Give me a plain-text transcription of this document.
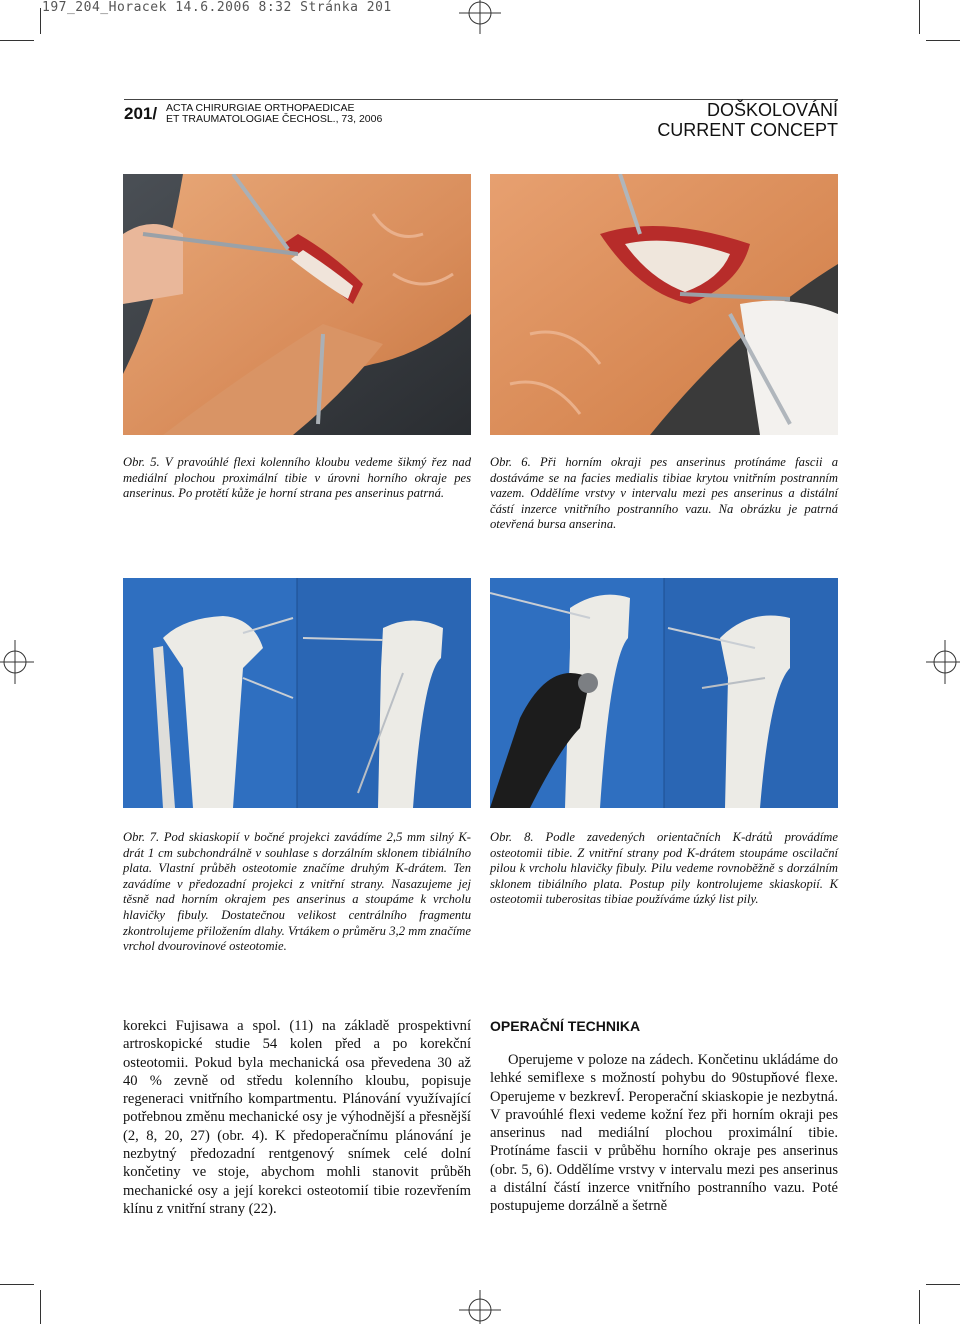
197_204_Horacek 14.6.2006 8:32 Stránka 201
201/ ACTA CHIRURGIAE ORTHOPAEDICAE
ET TRAUMATOLOGIAE ČECHOSL., 73, 2006	DOŠKOLOVÁNÍ
CURRENT CONCEPT
Obr. 5. V pravoúhlé flexi kolenního kloubu vedeme šikmý řez nad mediální plochou proximální tibie v úrovni horního okraje pes anserinus. Po protětí kůže je horní strana pes anserinus patrná.
Obr. 6. Při horním okraji pes anserinus protínáme fascii a dostáváme se na facies medialis tibiae krytou vnitřním postranním vazem. Oddělíme vrstvy v intervalu mezi pes anserinus a distální částí inzerce vnitřního postranního vazu. Na obrázku je patrná otevřená bursa anserina.
Obr. 7. Pod skiaskopií v bočné projekci zavádíme 2,5 mm silný K-drát 1 cm subchondrálně v souhlase s dorzálním sklonem tibiálního plata. Vlastní průběh osteotomie značíme druhým K-drátem. Ten zavádíme v předozadní projekci z vnitřní strany. Nasazujeme jej těsně nad horním okrajem pes anserinus a stoupáme k vrcholu hlavičky fibuly. Dostatečnou velikost centrálního fragmentu zkontrolujeme přiložením dlahy. Vrtákem o průměru 3,2 mm značíme vrchol dvourovinové osteotomie.
Obr. 8. Podle zavedených orientačních K-drátů provádíme osteotomii tibie. Z vnitřní strany pod K-drátem stoupáme oscilační pilou k vrcholu hlavičky fibuly. Pilu vedeme rovnoběžně s dorzálním sklonem tibiálního plata. Postup pily kontrolujeme skiaskopií. K osteotomii tuberositas tibiae používáme úzký list pily.
korekci Fujisawa a spol. (11) na základě prospektivní artroskopické studie 54 kolen před a po korekční osteotomii. Pokud byla mechanická osa převedena 30 až 40 % zevně od středu kolenního kloubu, popisuje regeneraci vnitřního kompartmentu. Plánování využívající potřebnou změnu mechanické osy je výhodnější a přesnější (2, 8, 20, 27) (obr. 4). K předoperačnímu plánování je nezbytný předozadní rentgenový snímek celé dolní končetiny ve stoje, abychom mohli stanovit průběh mechanické osy a její korekci osteotomií tibie rozevřením klínu z vnitřní strany (22).
OPERAČNÍ TECHNIKA
Operujeme v poloze na zádech. Končetinu ukládáme do lehké semiflexe s možností pohybu do 90stupňové flexe. Operujeme v bezkrevÍ. Peroperační skiaskopie je nezbytná. V pravoúhlé flexi vedeme kožní řez při horním okraji pes anserinus nad mediální plochou proximální tibie. Protínáme fascii v průběhu horního okraje pes anserinus (obr. 5, 6). Oddělíme vrstvy v intervalu mezi pes anserinus a distální částí inzerce vnitřního postranního vazu. Poté postupujeme dorzálně a šetrně
